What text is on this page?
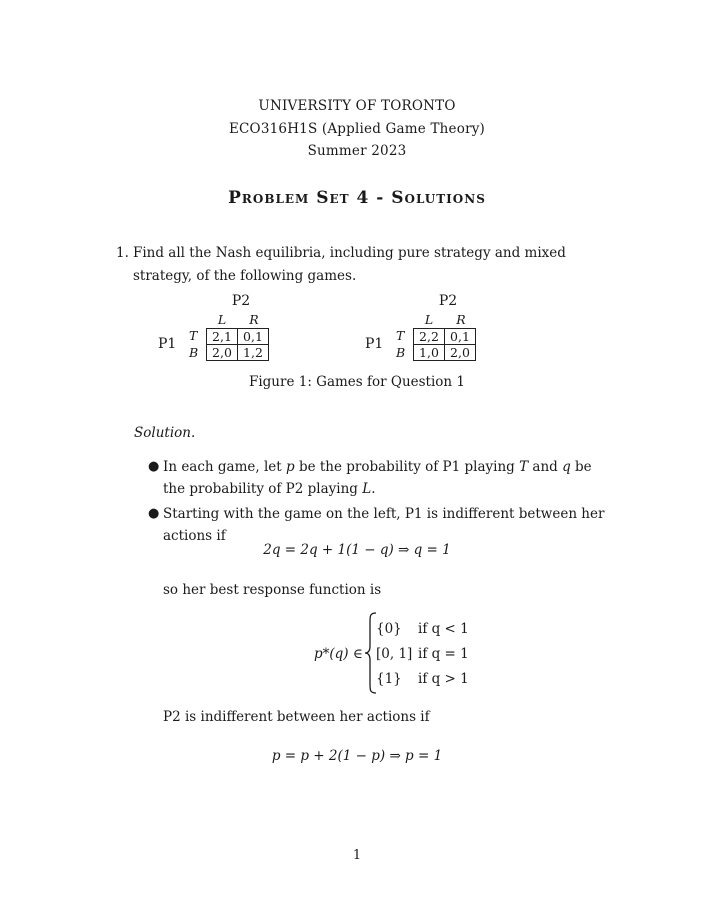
UNIVERSITY OF TORONTO
ECO316H1S (Applied Game Theory)
Summer 2023
Problem Set 4 - Solutions
1. Find all the Nash equilibria, including pure strategy and mixed strategy, of the following games.
P2
L	R
P1
T
B
2,1	0,1
2,0	1,2
P2
L	R
P1
T
B
2,2	0,1
1,0	2,0
Figure 1: Games for Question 1
Solution.
● In each game, let p be the probability of P1 playing T and q be the probability of P2 playing L.
● Starting with the game on the left, P1 is indifferent between her actions if
2q = 2q + 1(1 − q) ⇒ q = 1
so her best response function is
p*(q) ∈
{0} if q < 1
[0, 1] if q = 1
{1} if q > 1
P2 is indifferent between her actions if
p = p + 2(1 − p) ⇒ p = 1
1
